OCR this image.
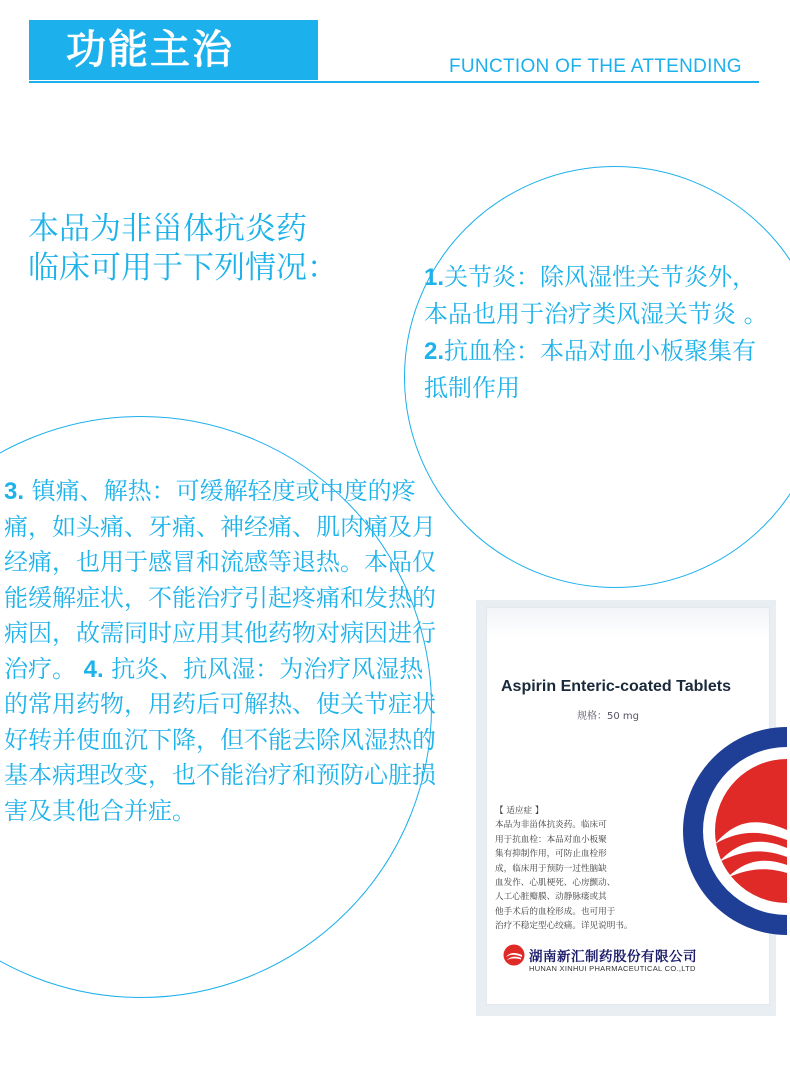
功能主治	FUNCTION OF THE ATTENDING
本品为非甾体抗炎药
临床可用于下列情况：	1.关节炎：除风湿性关节炎外，本品也用于治疗类风湿关节炎 。 2.抗血栓：本品对血小板聚集有抵制作用
3. 镇痛、解热：可缓解轻度或中度的疼痛，如头痛、牙痛、神经痛、肌肉痛及月经痛，也用于感冒和流感等退热。本品仅能缓解症状，不能治疗引起疼痛和发热的病因，故需同时应用其他药物对病因进行治疗。 4. 抗炎、抗风湿：为治疗风湿热的常用药物，用药后可解热、使关节症状好转并使血沉下降，但不能去除风湿热的基本病理改变，也不能治疗和预防心脏损害及其他合并症。
Aspirin Enteric-coated Tablets
规格：50 mg
【 适应症 】
本品为非甾体抗炎药。临床可
用于抗血栓：本品对血小板聚
集有抑制作用，可防止血栓形
成，临床用于预防一过性脑缺
血发作、心肌梗死、心房颤动、
人工心脏瓣膜、动静脉瘘或其
他手术后的血栓形成。也可用于
治疗不稳定型心绞痛。详见说明书。
湖南新汇制药股份有限公司
HUNAN XINHUI PHARMACEUTICAL CO.,LTD
